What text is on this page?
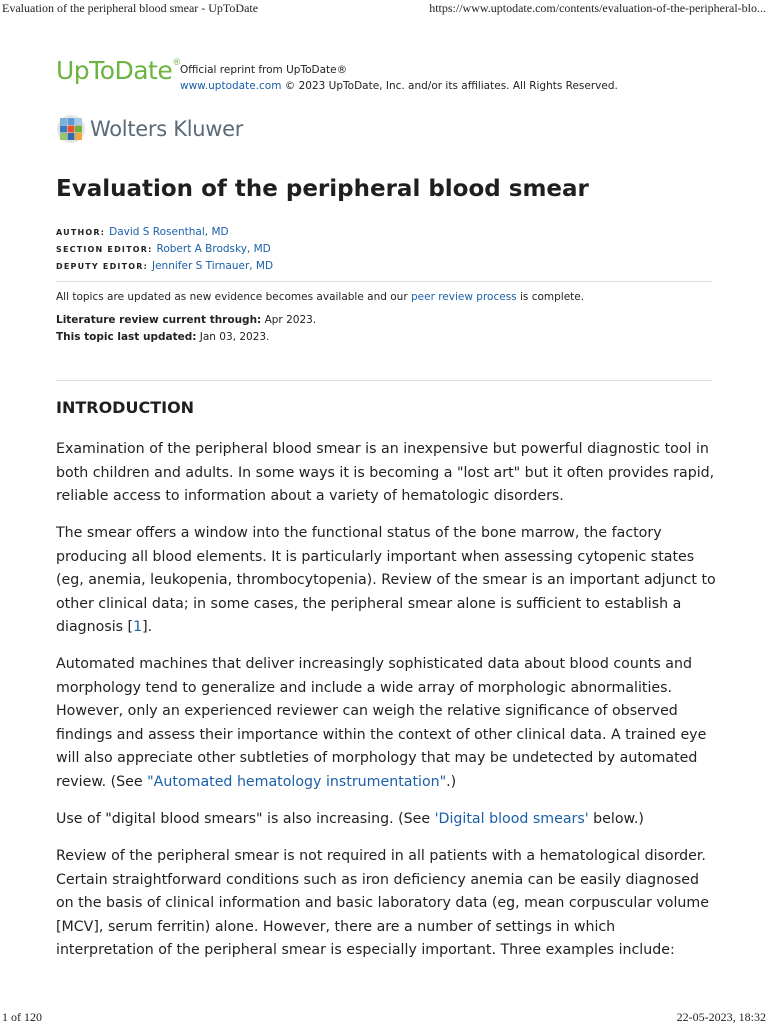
Evaluation of the peripheral blood smear - UpToDate	https://www.uptodate.com/contents/evaluation-of-the-peripheral-blo...
UpToDate®
Official reprint from UpToDate®
www.uptodate.com © 2023 UpToDate, Inc. and/or its affiliates. All Rights Reserved.
Wolters Kluwer
Evaluation of the peripheral blood smear
AUTHOR: David S Rosenthal, MD
SECTION EDITOR: Robert A Brodsky, MD
DEPUTY EDITOR: Jennifer S Tirnauer, MD
All topics are updated as new evidence becomes available and our peer review process is complete.
Literature review current through: Apr 2023.
This topic last updated: Jan 03, 2023.
INTRODUCTION

Examination of the peripheral blood smear is an inexpensive but powerful diagnostic tool in both children and adults. In some ways it is becoming a "lost art" but it often provides rapid, reliable access to information about a variety of hematologic disorders.

The smear offers a window into the functional status of the bone marrow, the factory producing all blood elements. It is particularly important when assessing cytopenic states (eg, anemia, leukopenia, thrombocytopenia). Review of the smear is an important adjunct to other clinical data; in some cases, the peripheral smear alone is sufficient to establish a diagnosis [1].

Automated machines that deliver increasingly sophisticated data about blood counts and morphology tend to generalize and include a wide array of morphologic abnormalities. However, only an experienced reviewer can weigh the relative significance of observed findings and assess their importance within the context of other clinical data. A trained eye will also appreciate other subtleties of morphology that may be undetected by automated review. (See "Automated hematology instrumentation".)

Use of "digital blood smears" is also increasing. (See 'Digital blood smears' below.)

Review of the peripheral smear is not required in all patients with a hematological disorder. Certain straightforward conditions such as iron deficiency anemia can be easily diagnosed on the basis of clinical information and basic laboratory data (eg, mean corpuscular volume [MCV], serum ferritin) alone. However, there are a number of settings in which interpretation of the peripheral smear is especially important. Three examples include:

1 of 120	22-05-2023, 18:32
